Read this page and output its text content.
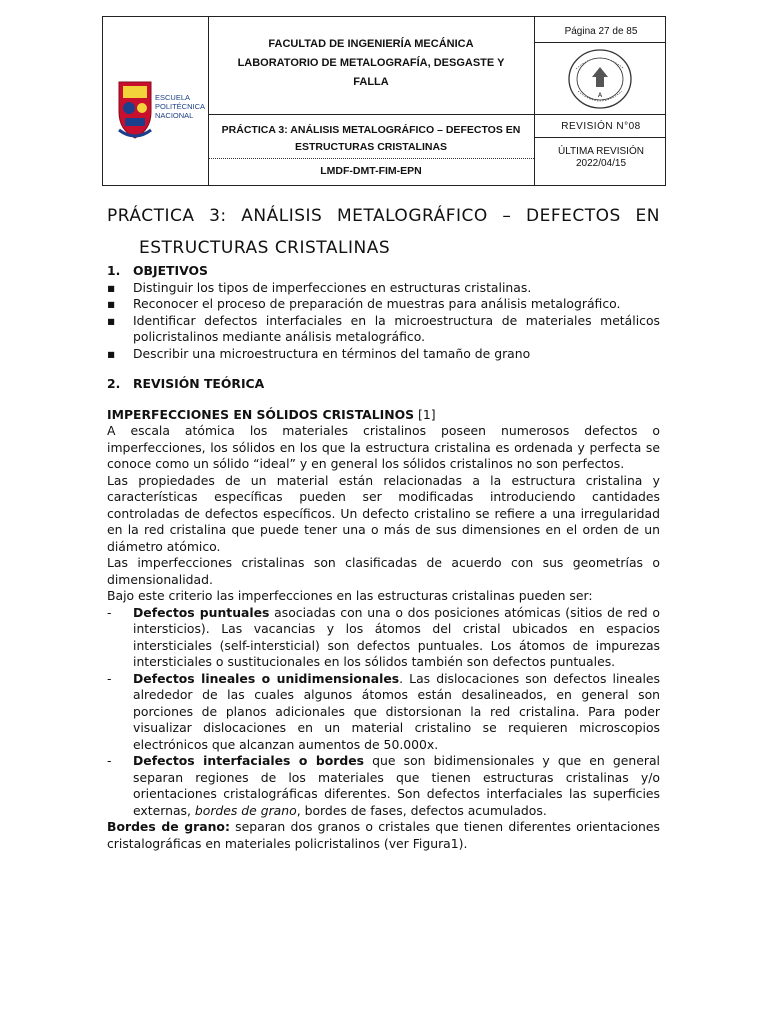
ESCUELA
POLITÉCNICA
NACIONAL
FACULTAD DE INGENIERÍA MECÁNICA
LABORATORIO DE METALOGRAFÍA, DESGASTE Y
FALLA
PRÁCTICA 3: ANÁLISIS METALOGRÁFICO – DEFECTOS EN
ESTRUCTURAS CRISTALINAS
LMDF-DMT-FIM-EPN
Página 27 de 85
A
REVISIÓN N°08
ÚLTIMA REVISIÓN
2022/04/15
PRÁCTICA 3: ANÁLISIS METALOGRÁFICO – DEFECTOS EN
ESTRUCTURAS CRISTALINAS
1. OBJETIVOS
▪	Distinguir los tipos de imperfecciones en estructuras cristalinas.
▪	Reconocer el proceso de preparación de muestras para análisis metalográfico.
▪	Identificar defectos interfaciales en la microestructura de materiales metálicos policristalinos mediante análisis metalográfico.
▪	Describir una microestructura en términos del tamaño de grano
2. REVISIÓN TEÓRICA

IMPERFECCIONES EN SÓLIDOS CRISTALINOS [1]

A escala atómica los materiales cristalinos poseen numerosos defectos o imperfecciones, los sólidos en los que la estructura cristalina es ordenada y perfecta se conoce como un sólido “ideal” y en general los sólidos cristalinos no son perfectos.

Las propiedades de un material están relacionadas a la estructura cristalina y características específicas pueden ser modificadas introduciendo cantidades controladas de defectos específicos. Un defecto cristalino se refiere a una irregularidad en la red cristalina que puede tener una o más de sus dimensiones en el orden de un diámetro atómico.

Las imperfecciones cristalinas son clasificadas de acuerdo con sus geometrías o dimensionalidad.

Bajo este criterio las imperfecciones en las estructuras cristalinas pueden ser:

-	Defectos puntuales asociadas con una o dos posiciones atómicas (sitios de red o intersticios). Las vacancias y los átomos del cristal ubicados en espacios intersticiales (self-intersticial) son defectos puntuales. Los átomos de impurezas intersticiales o sustitucionales en los sólidos también son defectos puntuales.
-	Defectos lineales o unidimensionales. Las dislocaciones son defectos lineales alrededor de las cuales algunos átomos están desalineados, en general son porciones de planos adicionales que distorsionan la red cristalina. Para poder visualizar dislocaciones en un material cristalino se requieren microscopios electrónicos que alcanzan aumentos de 50.000x.
-	Defectos interfaciales o bordes que son bidimensionales y que en general separan regiones de los materiales que tienen estructuras cristalinas y/o orientaciones cristalográficas diferentes. Son defectos interfaciales las superficies externas, bordes de grano, bordes de fases, defectos acumulados.

Bordes de grano: separan dos granos o cristales que tienen diferentes orientaciones cristalográficas en materiales policristalinos (ver Figura1).
